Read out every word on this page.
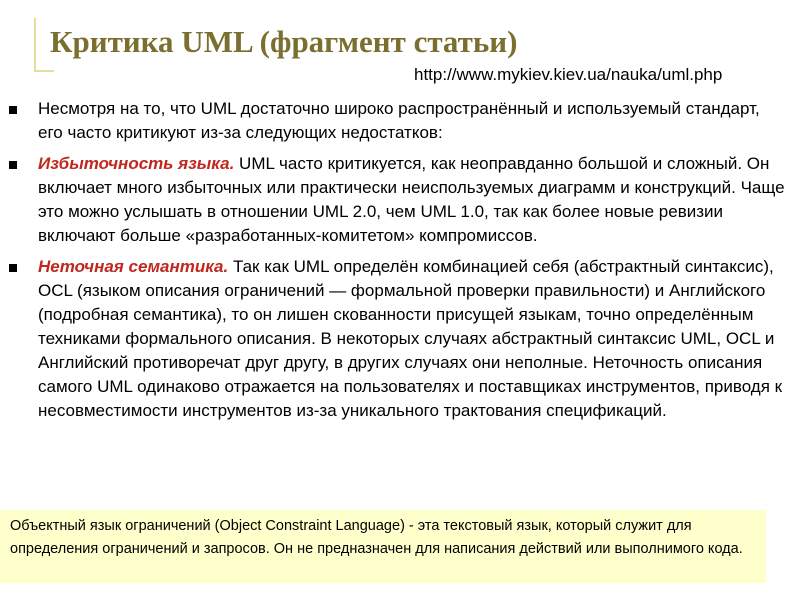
Критика UML (фрагмент статьи)
http://www.mykiev.kiev.ua/nauka/uml.php
Несмотря на то, что UML достаточно широко распространённый и используемый стандарт, его часто критикуют из-за следующих недостатков:
Избыточность языка. UML часто критикуется, как неоправданно большой и сложный. Он включает много избыточных или практически неиспользуемых диаграмм и конструкций. Чаще это можно услышать в отношении UML 2.0, чем UML 1.0, так как более новые ревизии включают больше «разработанных-комитетом» компромиссов.
Неточная семантика. Так как UML определён комбинацией себя (абстрактный синтаксис), OCL (языком описания ограничений — формальной проверки правильности) и Английского (подробная семантика), то он лишен скованности присущей языкам, точно определённым техниками формального описания. В некоторых случаях абстрактный синтаксис UML, OCL и Английский противоречат друг другу, в других случаях они неполные. Неточность описания самого UML одинаково отражается на пользователях и поставщиках инструментов, приводя к несовместимости инструментов из-за уникального трактования спецификаций.
Объектный язык ограничений (Object Constraint Language) - эта текстовый язык, который служит для определения ограничений и запросов. Он не предназначен для написания действий или выполнимого кода.
